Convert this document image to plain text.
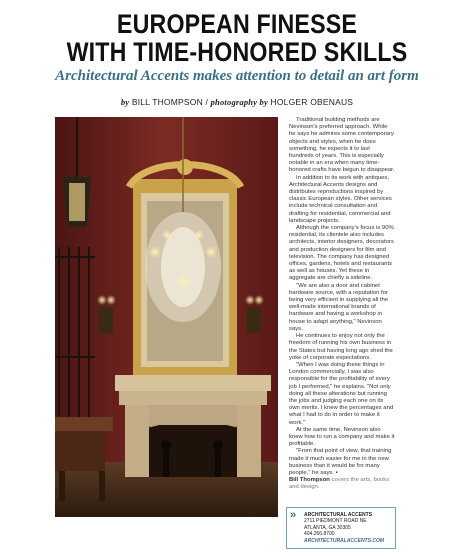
EUROPEAN FINESSE
WITH TIME-HONORED SKILLS
Architectural Accents makes attention to detail an art form
by BILL THOMPSON / photography by HOLGER OBENAUS

Traditional building methods are Nevinson's preferred approach. While he says he admires some contemporary objects and styles, when he does something, he expects it to last hundreds of years. This is especially notable in an era when many time-honored crafts have begun to disappear.

In addition to its work with antiques, Architectural Accents designs and distributes reproductions inspired by classic European styles. Other services include technical consultation and drafting for residential, commercial and landscape projects.

Although the company's focus is 90% residential, its clientele also includes architects, interior designers, decorators and production designers for film and television. The company has designed offices, gardens, hotels and restaurants as well as houses. Yet these in aggregate are chiefly a sideline.

"We are also a door and cabinet hardware source, with a reputation for being very efficient in supplying all the well-made international brands of hardware and having a workshop in house to adapt anything," Nevinson says.

He continues to enjoy not only the freedom of running his own business in the States but having long ago shed the yoke of corporate expectations.

"When I was doing these things in London commercially, I was also responsible for the profitability of every job I performed," he explains. "Not only doing all these alterations but running the jobs and judging each one on its own merits. I knew the percentages and what I had to do in order to make it work."

At the same time, Nevinson also knew how to run a company and make it profitable.

"From that point of view, that training made it much easier for me in the new business than it would be for many people," he says. ▪

Bill Thompson covers the arts, books and design.
» ARCHITECTURAL ACCENTS
2711 PIEDMONT ROAD NE
ATLANTA, GA 30305
404.266.8700
ARCHITECTURALACCENTS.COM
